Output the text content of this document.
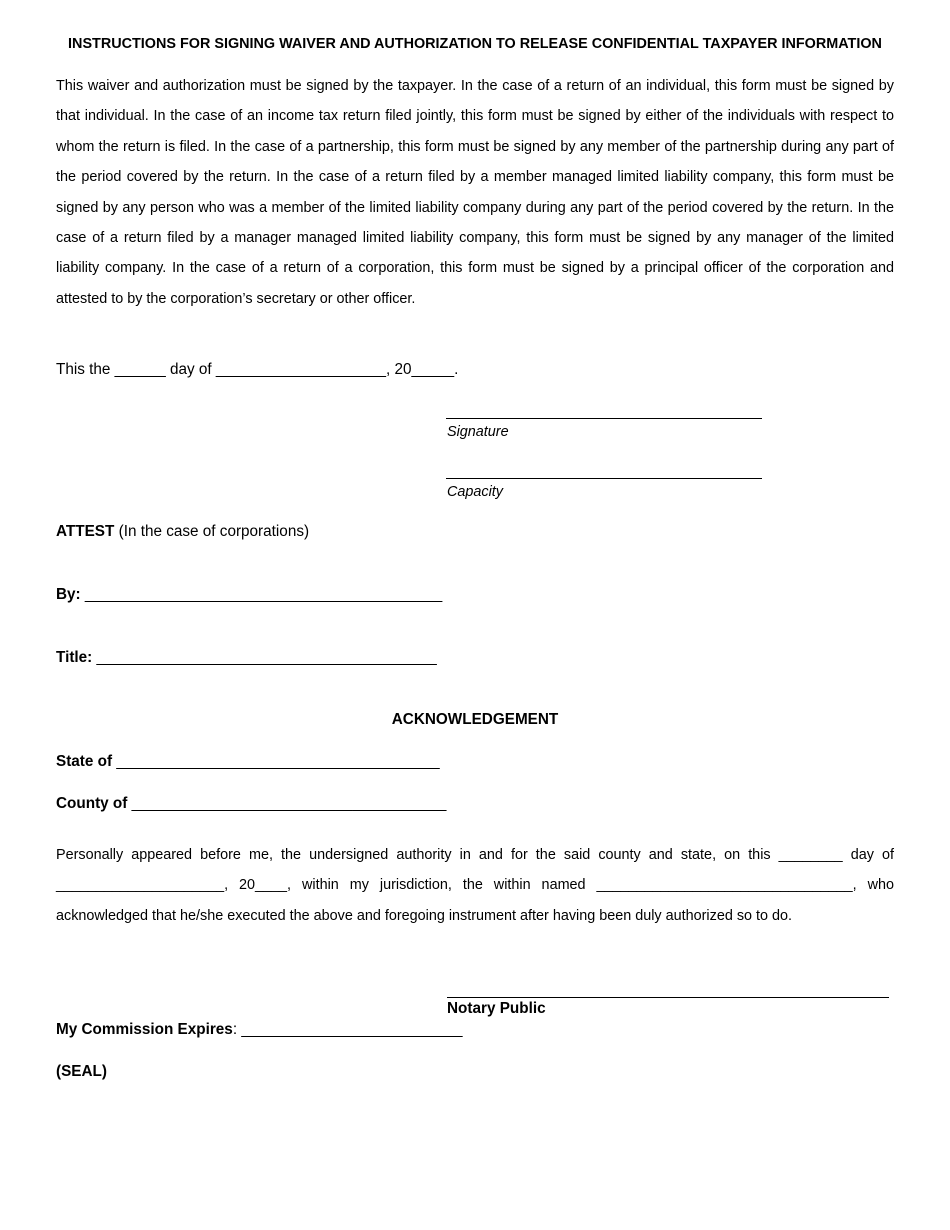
INSTRUCTIONS FOR SIGNING WAIVER AND AUTHORIZATION TO RELEASE CONFIDENTIAL TAXPAYER INFORMATION
This waiver and authorization must be signed by the taxpayer. In the case of a return of an individual, this form must be signed by that individual. In the case of an income tax return filed jointly, this form must be signed by either of the individuals with respect to whom the return is filed. In the case of a partnership, this form must be signed by any member of the partnership during any part of the period covered by the return. In the case of a return filed by a member managed limited liability company, this form must be signed by any person who was a member of the limited liability company during any part of the period covered by the return. In the case of a return filed by a manager managed limited liability company, this form must be signed by any manager of the limited liability company. In the case of a return of a corporation, this form must be signed by a principal officer of the corporation and attested to by the corporation’s secretary or other officer.
This the ______ day of ____________________, 20_____.
Signature
Capacity
ATTEST (In the case of corporations)
By: __________________________________________
Title: ________________________________________
ACKNOWLEDGEMENT
State of ______________________________________
County of _____________________________________
Personally appeared before me, the undersigned authority in and for the said county and state, on this ________ day of _____________________, 20____, within my jurisdiction, the within named ________________________________, who acknowledged that he/she executed the above and foregoing instrument after having been duly authorized so to do.
Notary Public
My Commission Expires: __________________________
(SEAL)
